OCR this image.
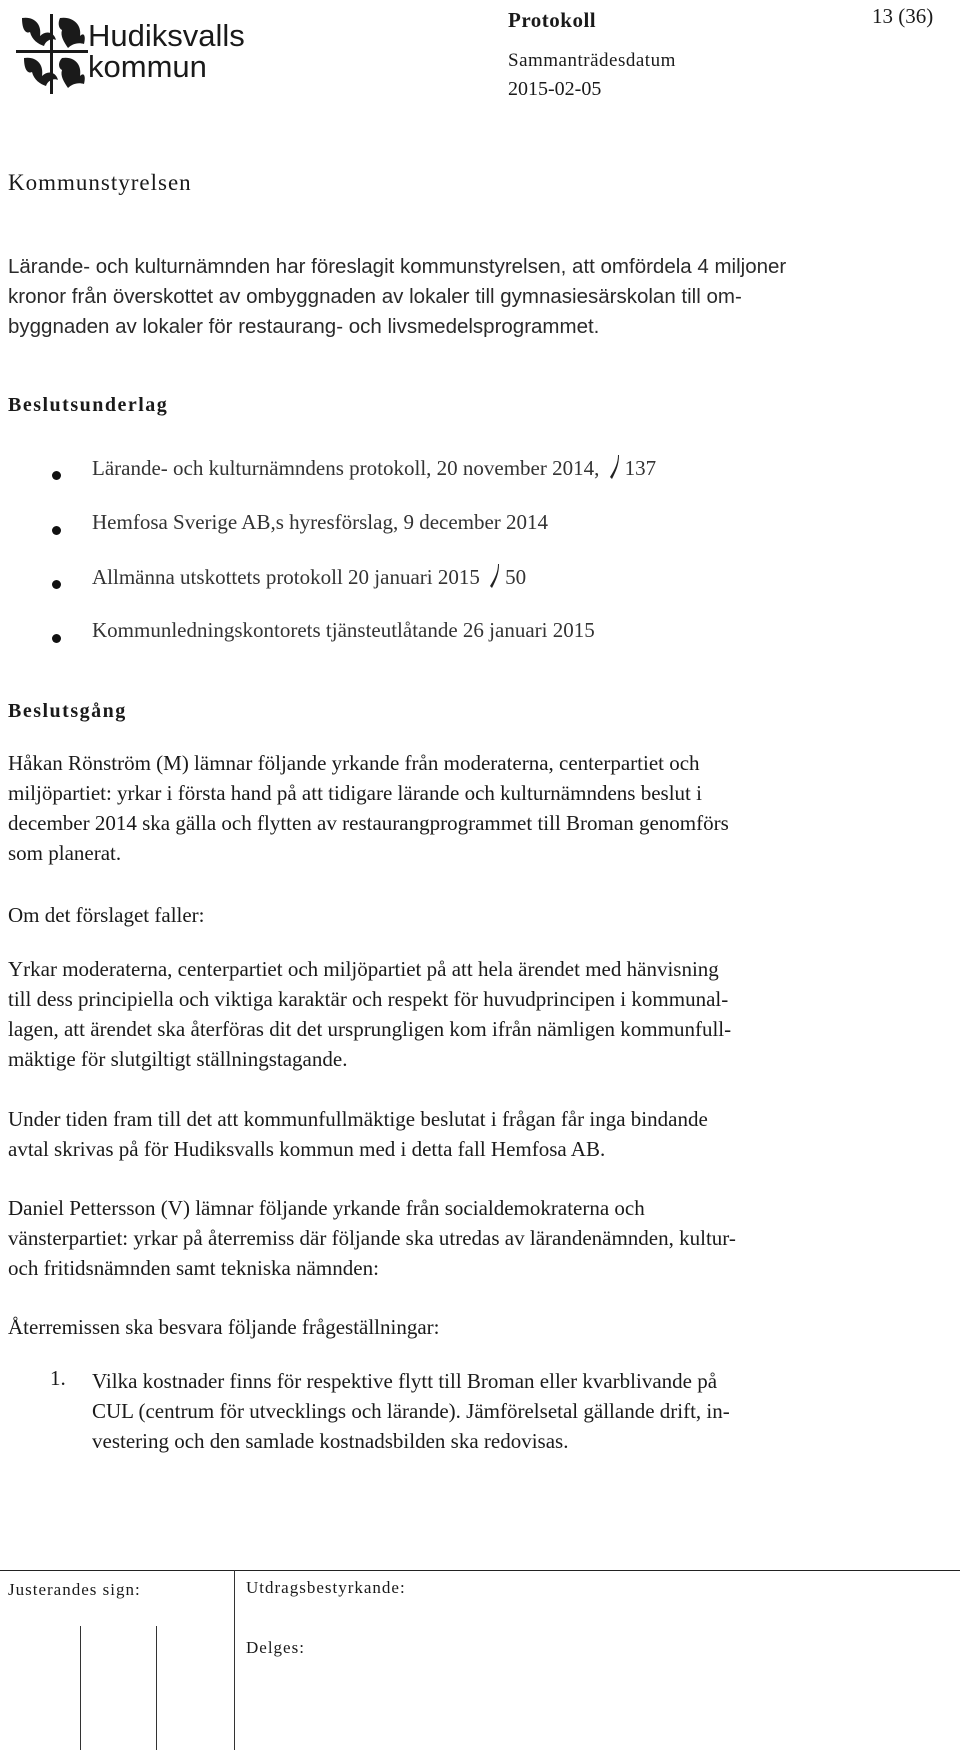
Hudiksvalls
kommun
Protokoll	13 (36)
Sammanträdesdatum
2015-02-05
Kommunstyrelsen
Lärande- och kulturnämnden har föreslagit kommunstyrelsen, att omfördela 4 miljoner
kronor från överskottet av ombyggnaden av lokaler till gymnasiesärskolan till om-
byggnaden av lokaler för restaurang- och livsmedelsprogrammet.
Beslutsunderlag
Lärande- och kulturnämndens protokoll, 20 november 2014, 137
Hemfosa Sverige AB,s hyresförslag, 9 december 2014
Allmänna utskottets protokoll 20 januari 2015 50
Kommunledningskontorets tjänsteutlåtande 26 januari 2015
Beslutsgång
Håkan Rönström (M) lämnar följande yrkande från moderaterna, centerpartiet och
miljöpartiet: yrkar i första hand på att tidigare lärande och kulturnämndens beslut i
december 2014 ska gälla och flytten av restaurangprogrammet till Broman genomförs
som planerat.
Om det förslaget faller:
Yrkar moderaterna, centerpartiet och miljöpartiet på att hela ärendet med hänvisning
till dess principiella och viktiga karaktär och respekt för huvudprincipen i kommunal-
lagen, att ärendet ska återföras dit det ursprungligen kom ifrån nämligen kommunfull-
mäktige för slutgiltigt ställningstagande.
Under tiden fram till det att kommunfullmäktige beslutat i frågan får inga bindande
avtal skrivas på för Hudiksvalls kommun med i detta fall Hemfosa AB.
Daniel Pettersson (V) lämnar följande yrkande från socialdemokraterna och
vänsterpartiet: yrkar på återremiss där följande ska utredas av lärandenämnden, kultur-
och fritidsnämnden samt tekniska nämnden:
Återremissen ska besvara följande frågeställningar:
1. Vilka kostnader finns för respektive flytt till Broman eller kvarblivande på
CUL (centrum för utvecklings och lärande). Jämförelsetal gällande drift, in-
vestering och den samlade kostnadsbilden ska redovisas.
Justerandes sign:	Utdragsbestyrkande:
Delges:
